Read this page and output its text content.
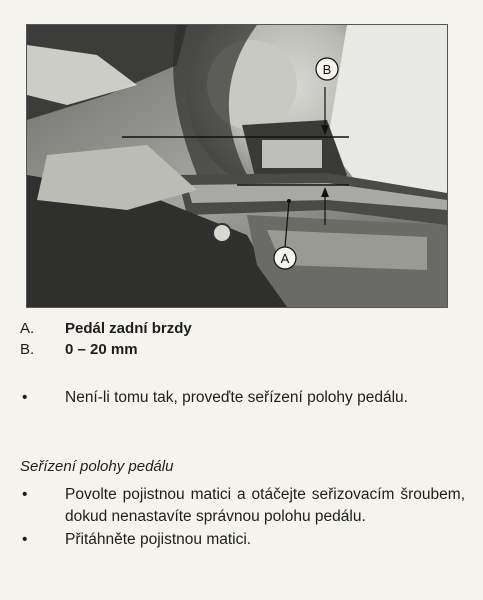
B
A
A.	Pedál zadní brzdy
B.	0 – 20 mm
•	Není-li tomu tak, proveďte seřízení polohy pedálu.
Seřízení polohy pedálu
•	Povolte pojistnou matici a otáčejte seřizovacím šroubem, dokud nenastavíte správnou polohu pedálu.
•	Přitáhněte pojistnou matici.
